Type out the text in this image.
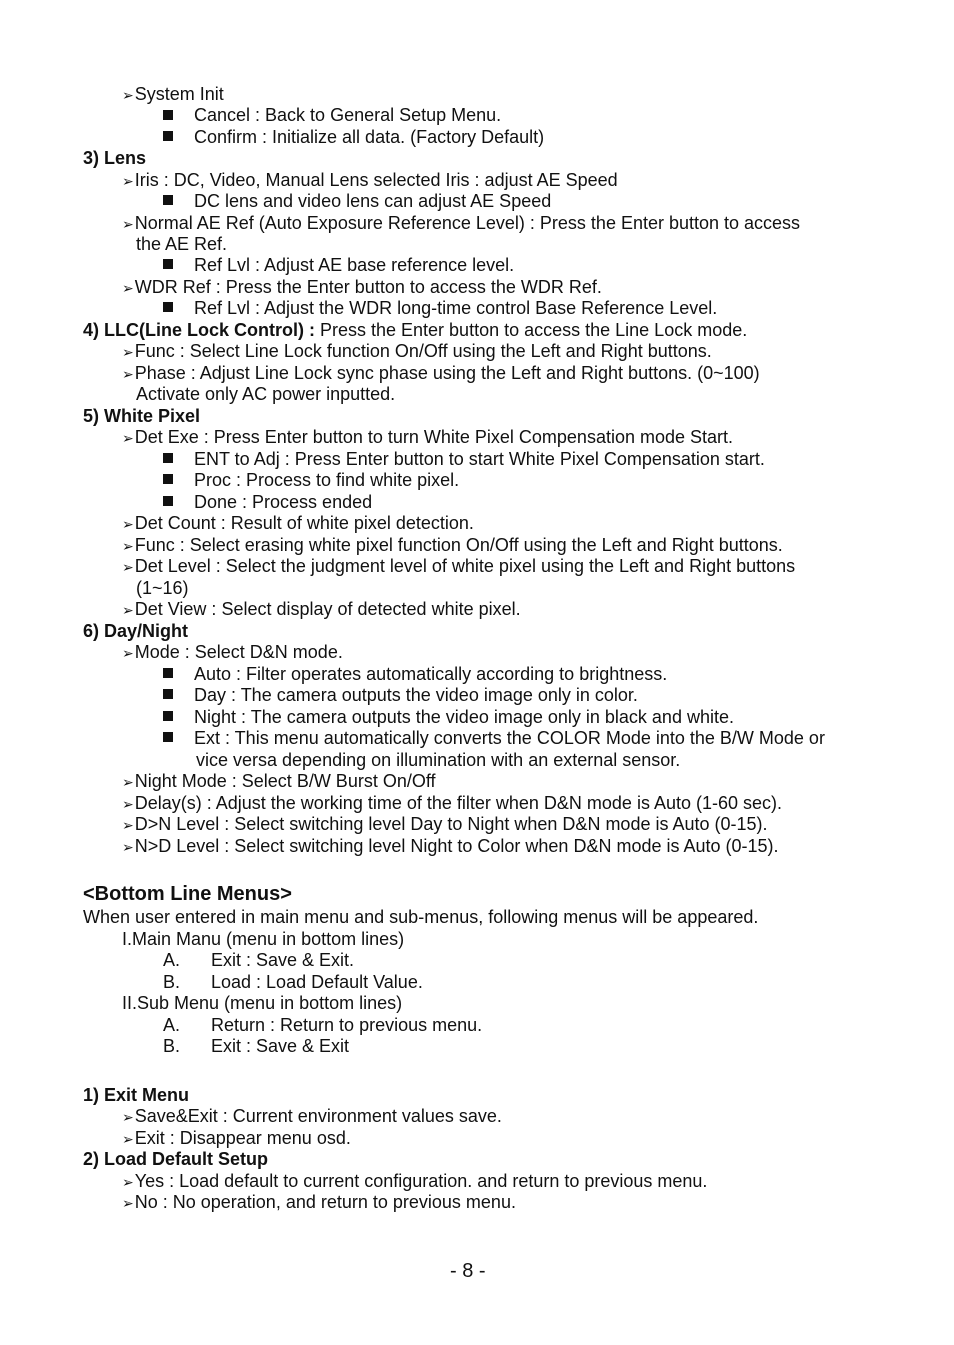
➢System Init
Cancel : Back to General Setup Menu.
Confirm : Initialize all data. (Factory Default)
3) Lens
➢Iris : DC, Video, Manual Lens selected Iris : adjust AE Speed
DC lens and video lens can adjust AE Speed
➢Normal AE Ref (Auto Exposure Reference Level) : Press the Enter button to access
the AE Ref.
Ref Lvl : Adjust AE base reference level.
➢WDR Ref : Press the Enter button to access the WDR Ref.
Ref Lvl : Adjust the WDR long-time control Base Reference Level.
4) LLC(Line Lock Control) : Press the Enter button to access the Line Lock mode.
➢Func : Select Line Lock function On/Off using the Left and Right buttons.
➢Phase : Adjust Line Lock sync phase using the Left and Right buttons. (0~100)
Activate only AC power inputted.
5) White Pixel
➢Det Exe : Press Enter button to turn White Pixel Compensation mode Start.
ENT to Adj : Press Enter button to start White Pixel Compensation start.
Proc : Process to find white pixel.
Done : Process ended
➢Det Count : Result of white pixel detection.
➢Func : Select erasing white pixel function On/Off using the Left and Right buttons.
➢Det Level : Select the judgment level of white pixel using the Left and Right buttons
(1~16)
➢Det View : Select display of detected white pixel.
6) Day/Night
➢Mode : Select D&N mode.
Auto : Filter operates automatically according to brightness.
Day : The camera outputs the video image only in color.
Night : The camera outputs the video image only in black and white.
Ext : This menu automatically converts the COLOR Mode into the B/W Mode or
vice versa depending on illumination with an external sensor.
➢Night Mode : Select B/W Burst On/Off
➢Delay(s) : Adjust the working time of the filter when D&N mode is Auto (1-60 sec).
➢D>N Level : Select switching level Day to Night when D&N mode is Auto (0-15).
➢N>D Level : Select switching level Night to Color when D&N mode is Auto (0-15).
<Bottom Line Menus>
When user entered in main menu and sub-menus, following menus will be appeared.
I.Main Manu (menu in bottom lines)
A. Exit : Save & Exit.
B. Load : Load Default Value.
II.Sub Menu (menu in bottom lines)
A. Return : Return to previous menu.
B. Exit : Save & Exit
1) Exit Menu
➢Save&Exit : Current environment values save.
➢Exit : Disappear menu osd.
2) Load Default Setup
➢Yes : Load default to current configuration. and return to previous menu.
➢No : No operation, and return to previous menu.
- 8 -
